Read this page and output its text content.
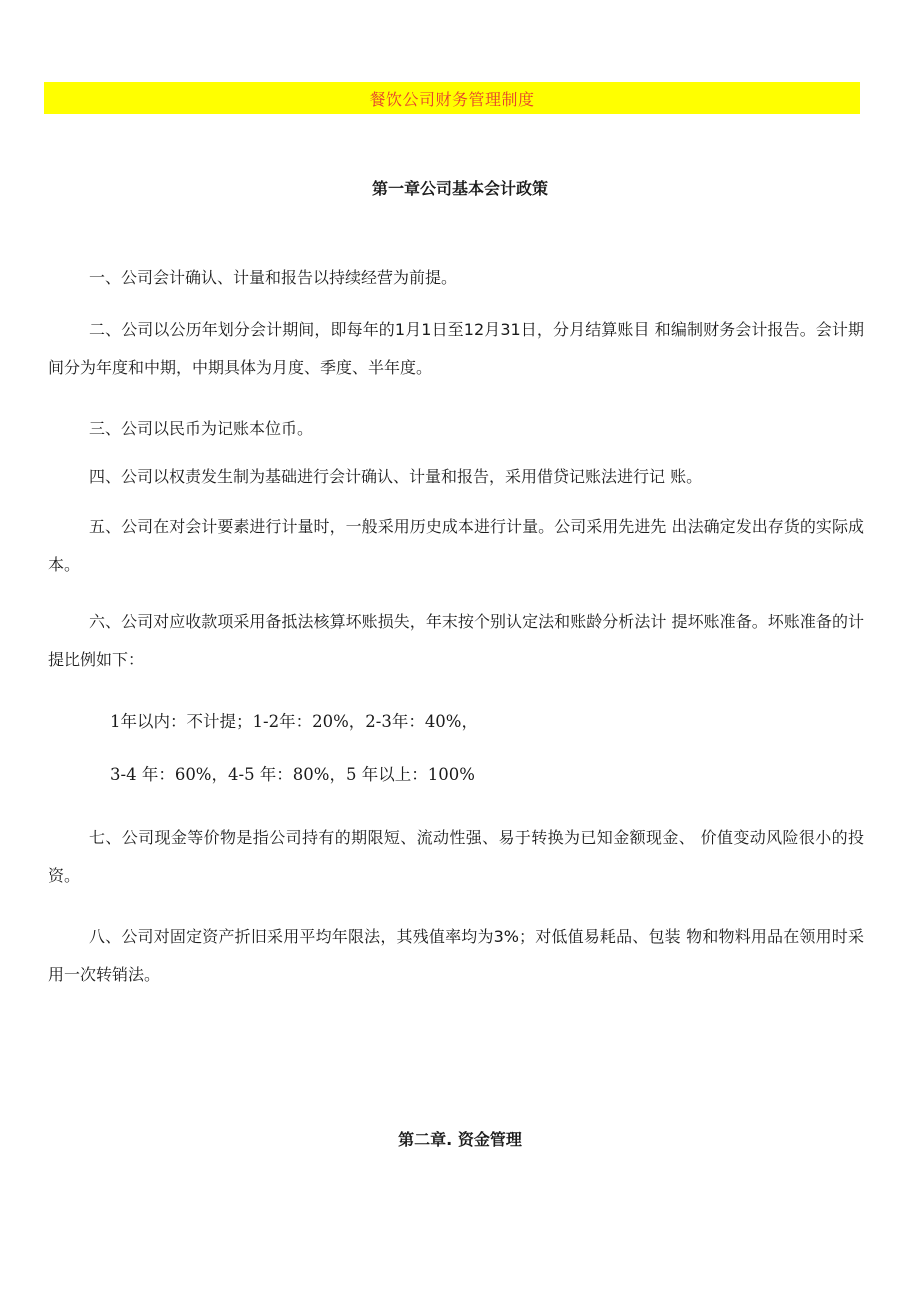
餐饮公司财务管理制度
第一章公司基本会计政策
一、公司会计确认、计量和报告以持续经营为前提。
二、公司以公历年划分会计期间，即每年的1月1日至12月31日，分月结算账目 和编制财务会计报告。会计期间分为年度和中期，中期具体为月度、季度、半年度。
三、公司以民币为记账本位币。
四、公司以权责发生制为基础进行会计确认、计量和报告，采用借贷记账法进行记 账。
五、公司在对会计要素进行计量时，一般采用历史成本进行计量。公司采用先进先 出法确定发出存货的实际成本。
六、公司对应收款项采用备抵法核算坏账损失，年末按个别认定法和账龄分析法计 提坏账准备。坏账准备的计提比例如下：
1年以内：不计提；1-2年：20%，2-3年：40%，
3-4 年：60%，4-5 年：80%，5 年以上：100%
七、公司现金等价物是指公司持有的期限短、流动性强、易于转换为已知金额现金、 价值变动风险很小的投资。
八、公司对固定资产折旧采用平均年限法，其残值率均为3%；对低值易耗品、包装 物和物料用品在领用时采用一次转销法。
第二章. 资金管理
